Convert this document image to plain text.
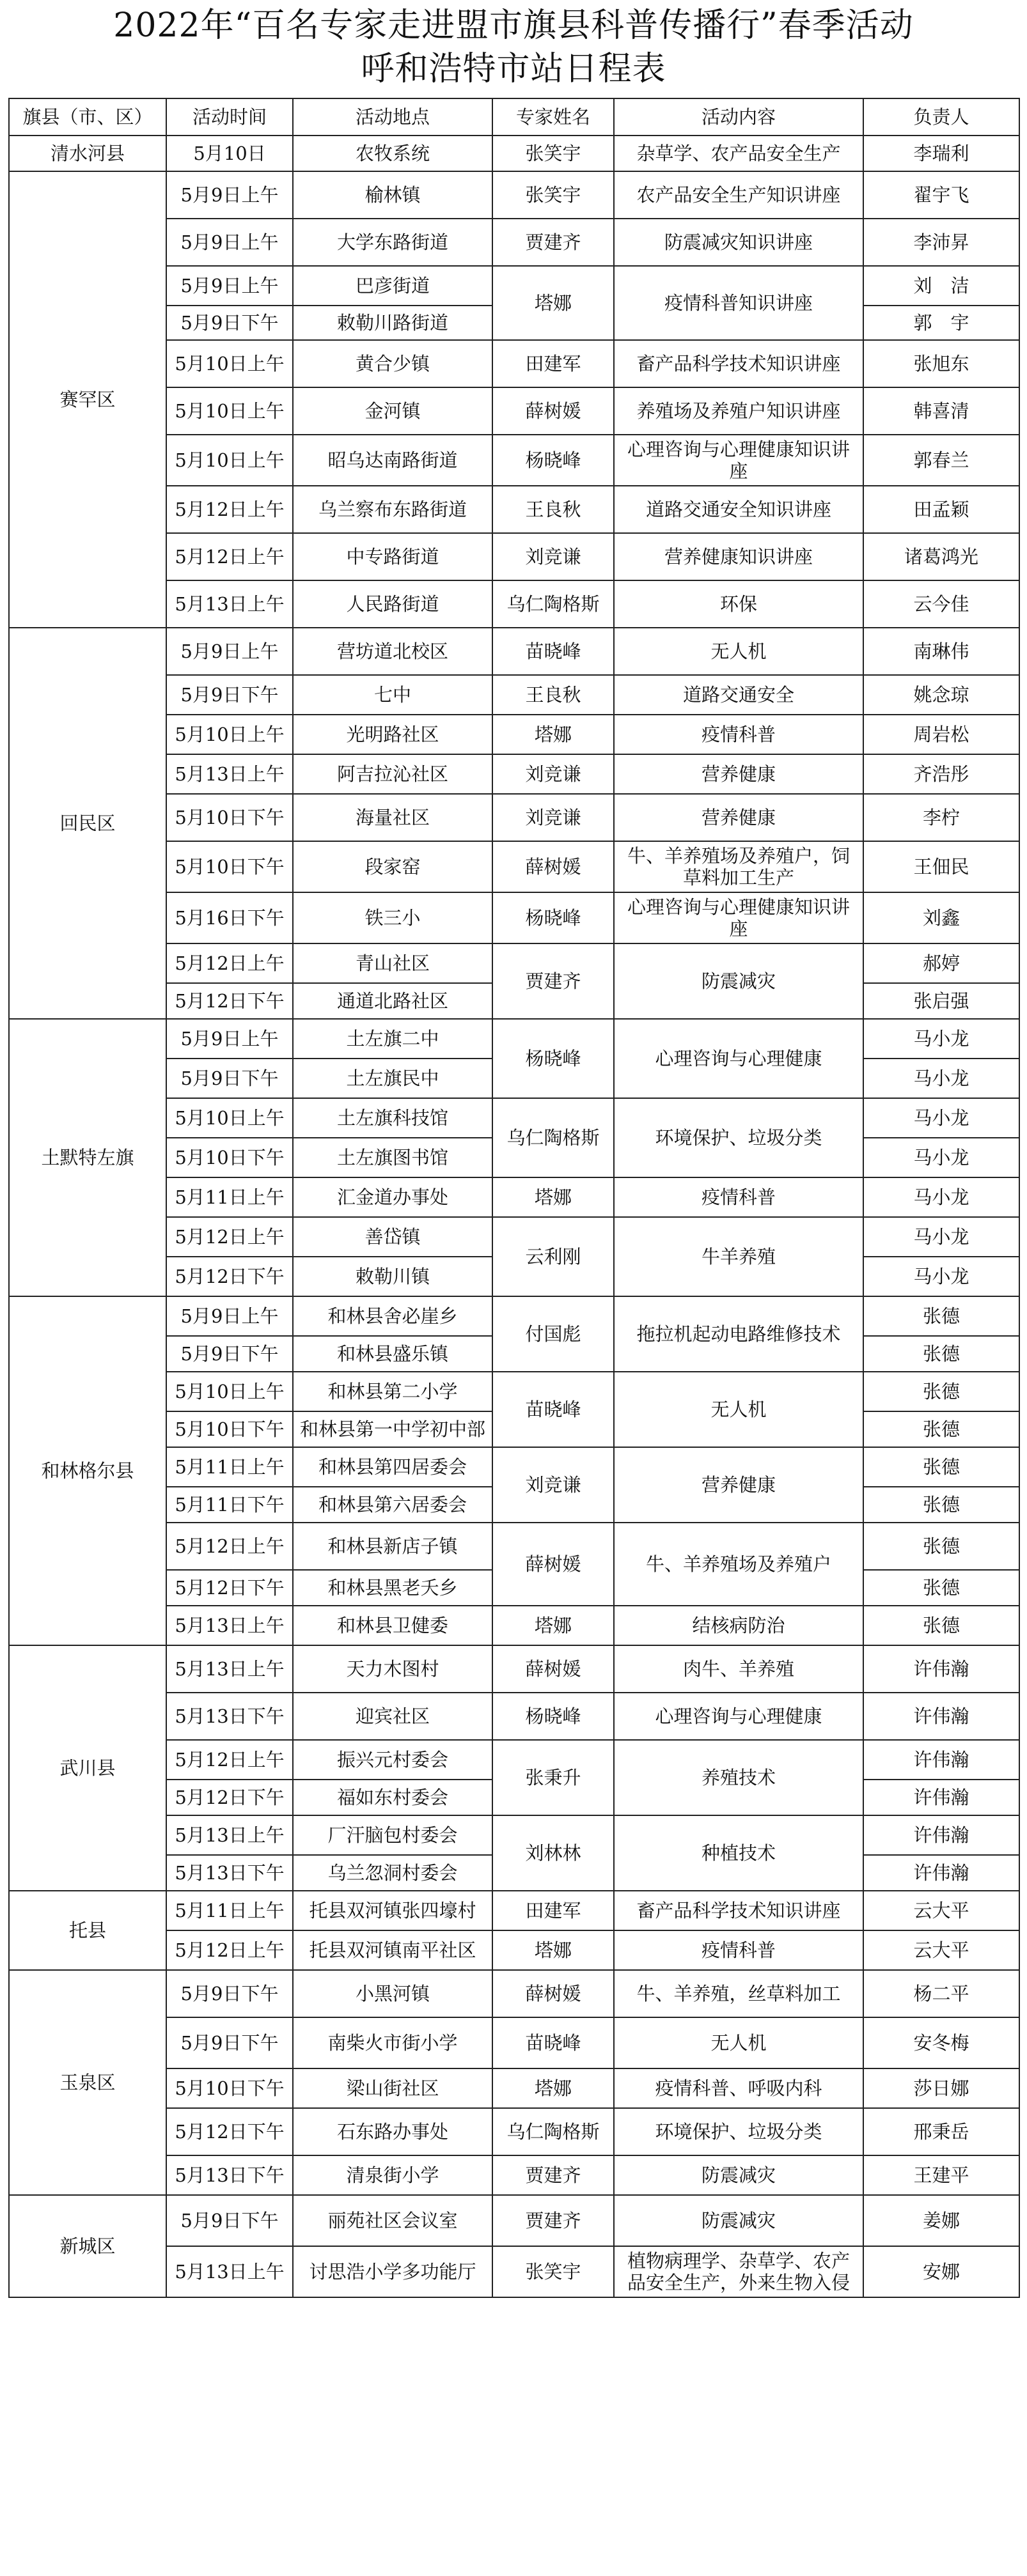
2022年“百名专家走进盟市旗县科普传播行”春季活动
呼和浩特市站日程表
旗县（市、区）	活动时间	活动地点	专家姓名	活动内容	负责人
清水河县	5月10日	农牧系统	张笑宇	杂草学、农产品安全生产	李瑞利
赛罕区	5月9日上午	榆林镇	张笑宇	农产品安全生产知识讲座	翟宇飞
	5月9日上午	大学东路街道	贾建齐	防震减灾知识讲座	李沛昇
	5月9日上午	巴彦街道	塔娜	疫情科普知识讲座	刘　洁
	5月9日下午	敕勒川路街道			郭　宇
	5月10日上午	黄合少镇	田建军	畜产品科学技术知识讲座	张旭东
	5月10日上午	金河镇	薛树媛	养殖场及养殖户知识讲座	韩喜清
	5月10日上午	昭乌达南路街道	杨晓峰	心理咨询与心理健康知识讲座	郭春兰
	5月12日上午	乌兰察布东路街道	王良秋	道路交通安全知识讲座	田孟颖
	5月12日上午	中专路街道	刘竞谦	营养健康知识讲座	诸葛鸿光
	5月13日上午	人民路街道	乌仁陶格斯	环保	云今佳
回民区	5月9日上午	营坊道北校区	苗晓峰	无人机	南琳伟
	5月9日下午	七中	王良秋	道路交通安全	姚念琼
	5月10日上午	光明路社区	塔娜	疫情科普	周岩松
	5月13日上午	阿吉拉沁社区	刘竞谦	营养健康	齐浩彤
	5月10日下午	海量社区	刘竞谦	营养健康	李柠
	5月10日下午	段家窑	薛树媛	牛、羊养殖场及养殖户，饲草料加工生产	王佃民
	5月16日下午	铁三小	杨晓峰	心理咨询与心理健康知识讲座	刘鑫
	5月12日上午	青山社区	贾建齐	防震减灾	郝婷
	5月12日下午	通道北路社区			张启强
土默特左旗	5月9日上午	土左旗二中	杨晓峰	心理咨询与心理健康	马小龙
	5月9日下午	土左旗民中			马小龙
	5月10日上午	土左旗科技馆	乌仁陶格斯	环境保护、垃圾分类	马小龙
	5月10日下午	土左旗图书馆			马小龙
	5月11日上午	汇金道办事处	塔娜	疫情科普	马小龙
	5月12日上午	善岱镇	云利刚	牛羊养殖	马小龙
	5月12日下午	敕勒川镇			马小龙
和林格尔县	5月9日上午	和林县舍必崖乡	付国彪	拖拉机起动电路维修技术	张德
	5月9日下午	和林县盛乐镇			张德
	5月10日上午	和林县第二小学	苗晓峰	无人机	张德
	5月10日下午	和林县第一中学初中部			张德
	5月11日上午	和林县第四居委会	刘竞谦	营养健康	张德
	5月11日下午	和林县第六居委会			张德
	5月12日上午	和林县新店子镇	薛树媛	牛、羊养殖场及养殖户	张德
	5月12日下午	和林县黑老夭乡			张德
	5月13日上午	和林县卫健委	塔娜	结核病防治	张德
武川县	5月13日上午	天力木图村	薛树媛	肉牛、羊养殖	许伟瀚
	5月13日下午	迎宾社区	杨晓峰	心理咨询与心理健康	许伟瀚
	5月12日上午	振兴元村委会	张秉升	养殖技术	许伟瀚
	5月12日下午	福如东村委会			许伟瀚
	5月13日上午	厂汗脑包村委会	刘林林	种植技术	许伟瀚
	5月13日下午	乌兰忽洞村委会			许伟瀚
托县	5月11日上午	托县双河镇张四壕村	田建军	畜产品科学技术知识讲座	云大平
	5月12日上午	托县双河镇南平社区	塔娜	疫情科普	云大平
玉泉区	5月9日下午	小黑河镇	薛树媛	牛、羊养殖，丝草料加工	杨二平
	5月9日下午	南柴火市街小学	苗晓峰	无人机	安冬梅
	5月10日下午	梁山街社区	塔娜	疫情科普、呼吸内科	莎日娜
	5月12日下午	石东路办事处	乌仁陶格斯	环境保护、垃圾分类	邢秉岳
	5月13日下午	清泉街小学	贾建齐	防震减灾	王建平
新城区	5月9日下午	丽苑社区会议室	贾建齐	防震减灾	姜娜
	5月13日上午	讨思浩小学多功能厅	张笑宇	植物病理学、杂草学、农产品安全生产，外来生物入侵	安娜
